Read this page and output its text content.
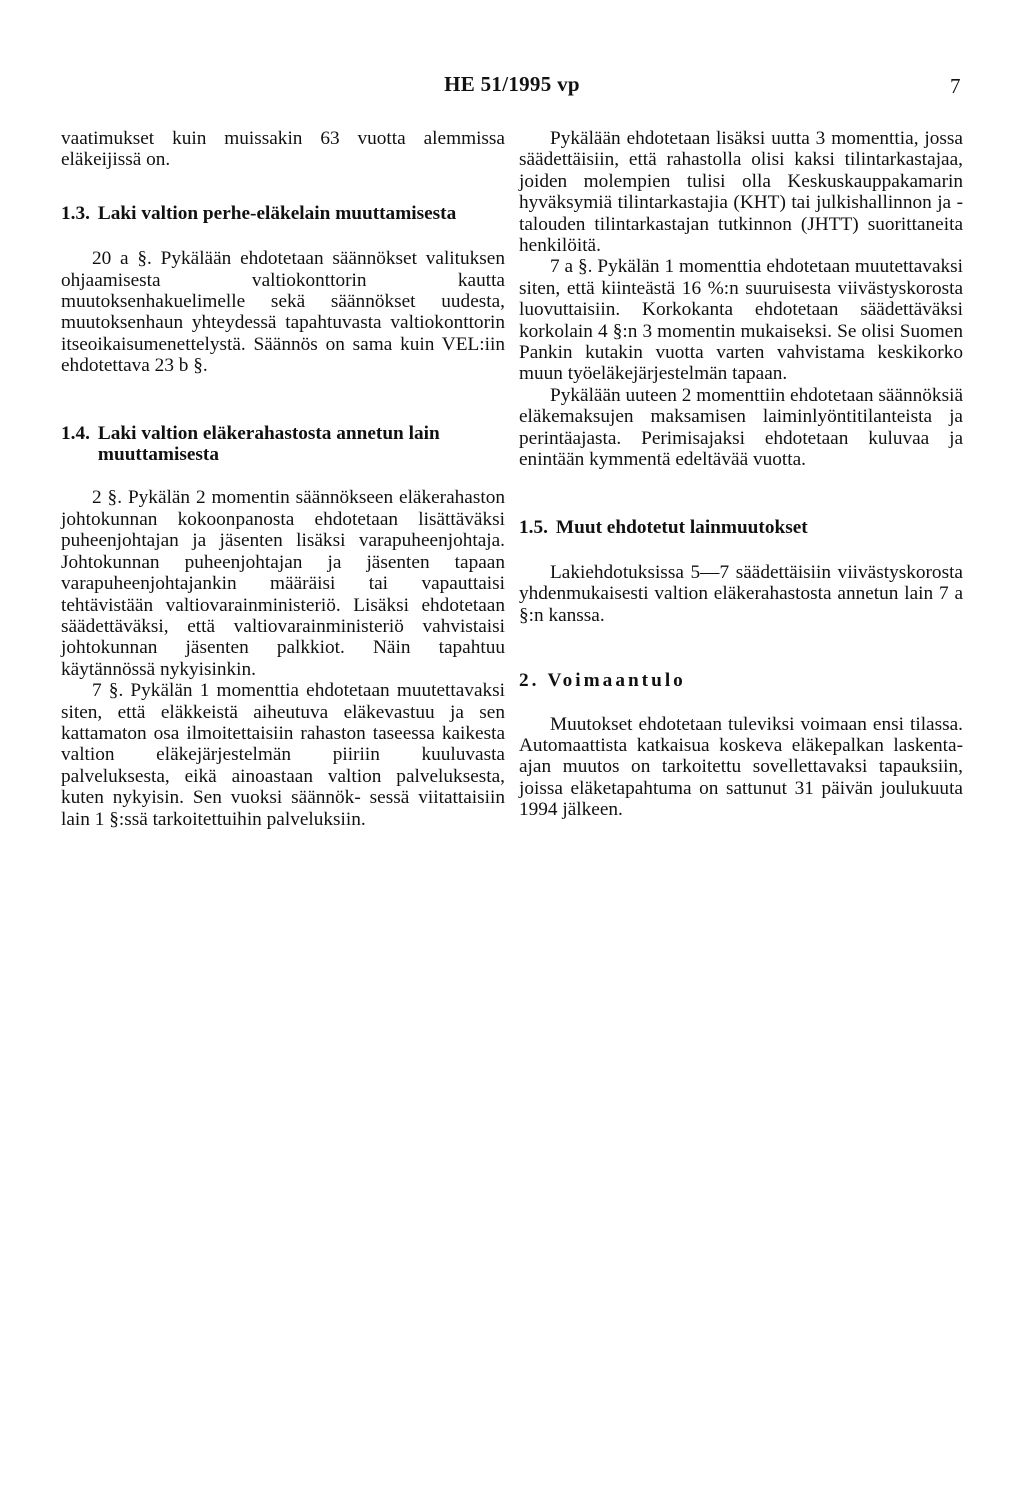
HE 51/1995 vp	7

vaatimukset kuin muissakin 63 vuotta alemmissa eläkeijissä on.

1.3. Laki valtion perhe-eläkelain muuttamisesta

20 a §. Pykälään ehdotetaan säännökset valituksen ohjaamisesta valtiokonttorin kautta muutoksenhakuelimelle sekä säännökset uudesta, muutoksenhaun yhteydessä tapahtuvasta valtiokonttorin itseoikaisumenettelystä. Säännös on sama kuin VEL:iin ehdotettava 23 b §.

1.4. Laki valtion eläkerahastosta annetun lain muuttamisesta

2 §. Pykälän 2 momentin säännökseen eläkerahaston johtokunnan kokoonpanosta ehdotetaan lisättäväksi puheenjohtajan ja jäsenten lisäksi varapuheenjohtaja. Johtokunnan puheenjohtajan ja jäsenten tapaan varapuheenjohtajankin määräisi tai vapauttaisi tehtävistään valtiovarainministeriö. Lisäksi ehdotetaan säädettäväksi, että valtiovarainministeriö vahvistaisi johtokunnan jäsenten palkkiot. Näin tapahtuu käytännössä nykyisinkin.

7 §. Pykälän 1 momenttia ehdotetaan muutettavaksi siten, että eläkkeistä aiheutuva eläkevastuu ja sen kattamaton osa ilmoitettaisiin rahaston taseessa kaikesta valtion eläkejärjestelmän piiriin kuuluvasta palveluksesta, eikä ainoastaan valtion palveluksesta, kuten nykyisin. Sen vuoksi säännök- sessä viitattaisiin lain 1 §:ssä tarkoitettuihin palveluksiin.

Pykälään ehdotetaan lisäksi uutta 3 momenttia, jossa säädettäisiin, että rahastolla olisi kaksi tilintarkastajaa, joiden molempien tulisi olla Keskuskauppakamarin hyväksymiä tilintarkastajia (KHT) tai julkishallinnon ja -talouden tilintarkastajan tutkinnon (JHTT) suorittaneita henkilöitä.

7 a §. Pykälän 1 momenttia ehdotetaan muutettavaksi siten, että kiinteästä 16 %:n suuruisesta viivästyskorosta luovuttaisiin. Korkokanta ehdotetaan säädettäväksi korkolain 4 §:n 3 momentin mukaiseksi. Se olisi Suomen Pankin kutakin vuotta varten vahvistama keskikorko muun työeläkejärjestelmän tapaan.

Pykälään uuteen 2 momenttiin ehdotetaan säännöksiä eläkemaksujen maksamisen laiminlyöntitilanteista ja perintäajasta. Perimisajaksi ehdotetaan kuluvaa ja enintään kymmentä edeltävää vuotta.

1.5. Muut ehdotetut lainmuutokset

Lakiehdotuksissa 5—7 säädettäisiin viivästyskorosta yhdenmukaisesti valtion eläkerahastosta annetun lain 7 a §:n kanssa.

2. Voimaantulo

Muutokset ehdotetaan tuleviksi voimaan ensi tilassa. Automaattista katkaisua koskeva eläkepalkan laskenta-ajan muutos on tarkoitettu sovellettavaksi tapauksiin, joissa eläketapahtuma on sattunut 31 päivän joulukuuta 1994 jälkeen.
